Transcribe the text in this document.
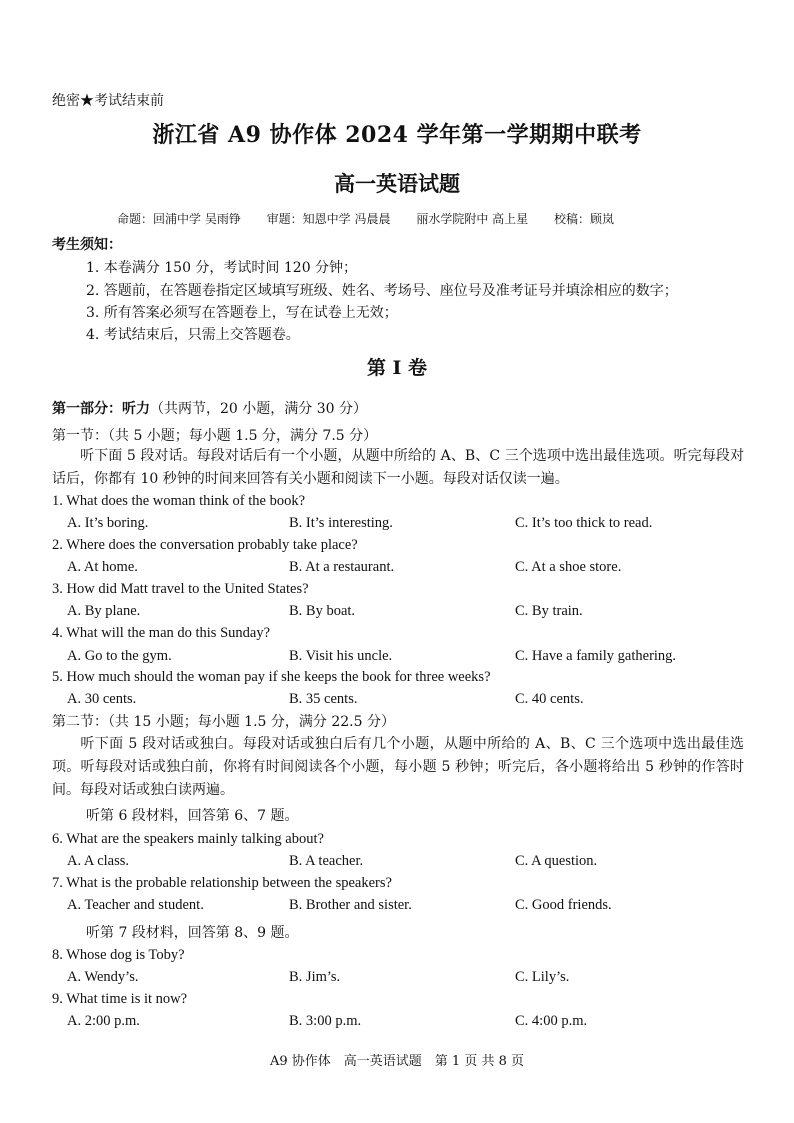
绝密★考试结束前
浙江省 A9 协作体 2024 学年第一学期期中联考
高一英语试题
命题：回浦中学 吴雨铮 审题：知恩中学 冯晨晨 丽水学院附中 高上星 校稿：顾岚
考生须知：
1. 本卷满分 150 分，考试时间 120 分钟；
2. 答题前，在答题卷指定区域填写班级、姓名、考场号、座位号及准考证号并填涂相应的数字；
3. 所有答案必须写在答题卷上，写在试卷上无效；
4. 考试结束后，只需上交答题卷。
第 I 卷
第一部分：听力（共两节，20 小题，满分 30 分）
第一节：（共 5 小题；每小题 1.5 分，满分 7.5 分）
听下面 5 段对话。每段对话后有一个小题，从题中所给的 A、B、C 三个选项中选出最佳选项。听完每段对话后，你都有 10 秒钟的时间来回答有关小题和阅读下一小题。每段对话仅读一遍。
1. What does the woman think of the book?
A. It’s boring.	B. It’s interesting.	C. It’s too thick to read.
2. Where does the conversation probably take place?
A. At home.	B. At a restaurant.	C. At a shoe store.
3. How did Matt travel to the United States?
A. By plane.	B. By boat.	C. By train.
4. What will the man do this Sunday?
A. Go to the gym.	B. Visit his uncle.	C. Have a family gathering.
5. How much should the woman pay if she keeps the book for three weeks?
A. 30 cents.	B. 35 cents.	C. 40 cents.
第二节：（共 15 小题；每小题 1.5 分，满分 22.5 分）
听下面 5 段对话或独白。每段对话或独白后有几个小题，从题中所给的 A、B、C 三个选项中选出最佳选项。听每段对话或独白前，你将有时间阅读各个小题，每小题 5 秒钟；听完后，各小题将给出 5 秒钟的作答时间。每段对话或独白读两遍。
听第 6 段材料，回答第 6、7 题。
6. What are the speakers mainly talking about?
A. A class.	B. A teacher.	C. A question.
7. What is the probable relationship between the speakers?
A. Teacher and student.	B. Brother and sister.	C. Good friends.
听第 7 段材料，回答第 8、9 题。
8. Whose dog is Toby?
A. Wendy’s.	B. Jim’s.	C. Lily’s.
9. What time is it now?
A. 2:00 p.m.	B. 3:00 p.m.	C. 4:00 p.m.
A9 协作体　高一英语试题　第 1 页 共 8 页
